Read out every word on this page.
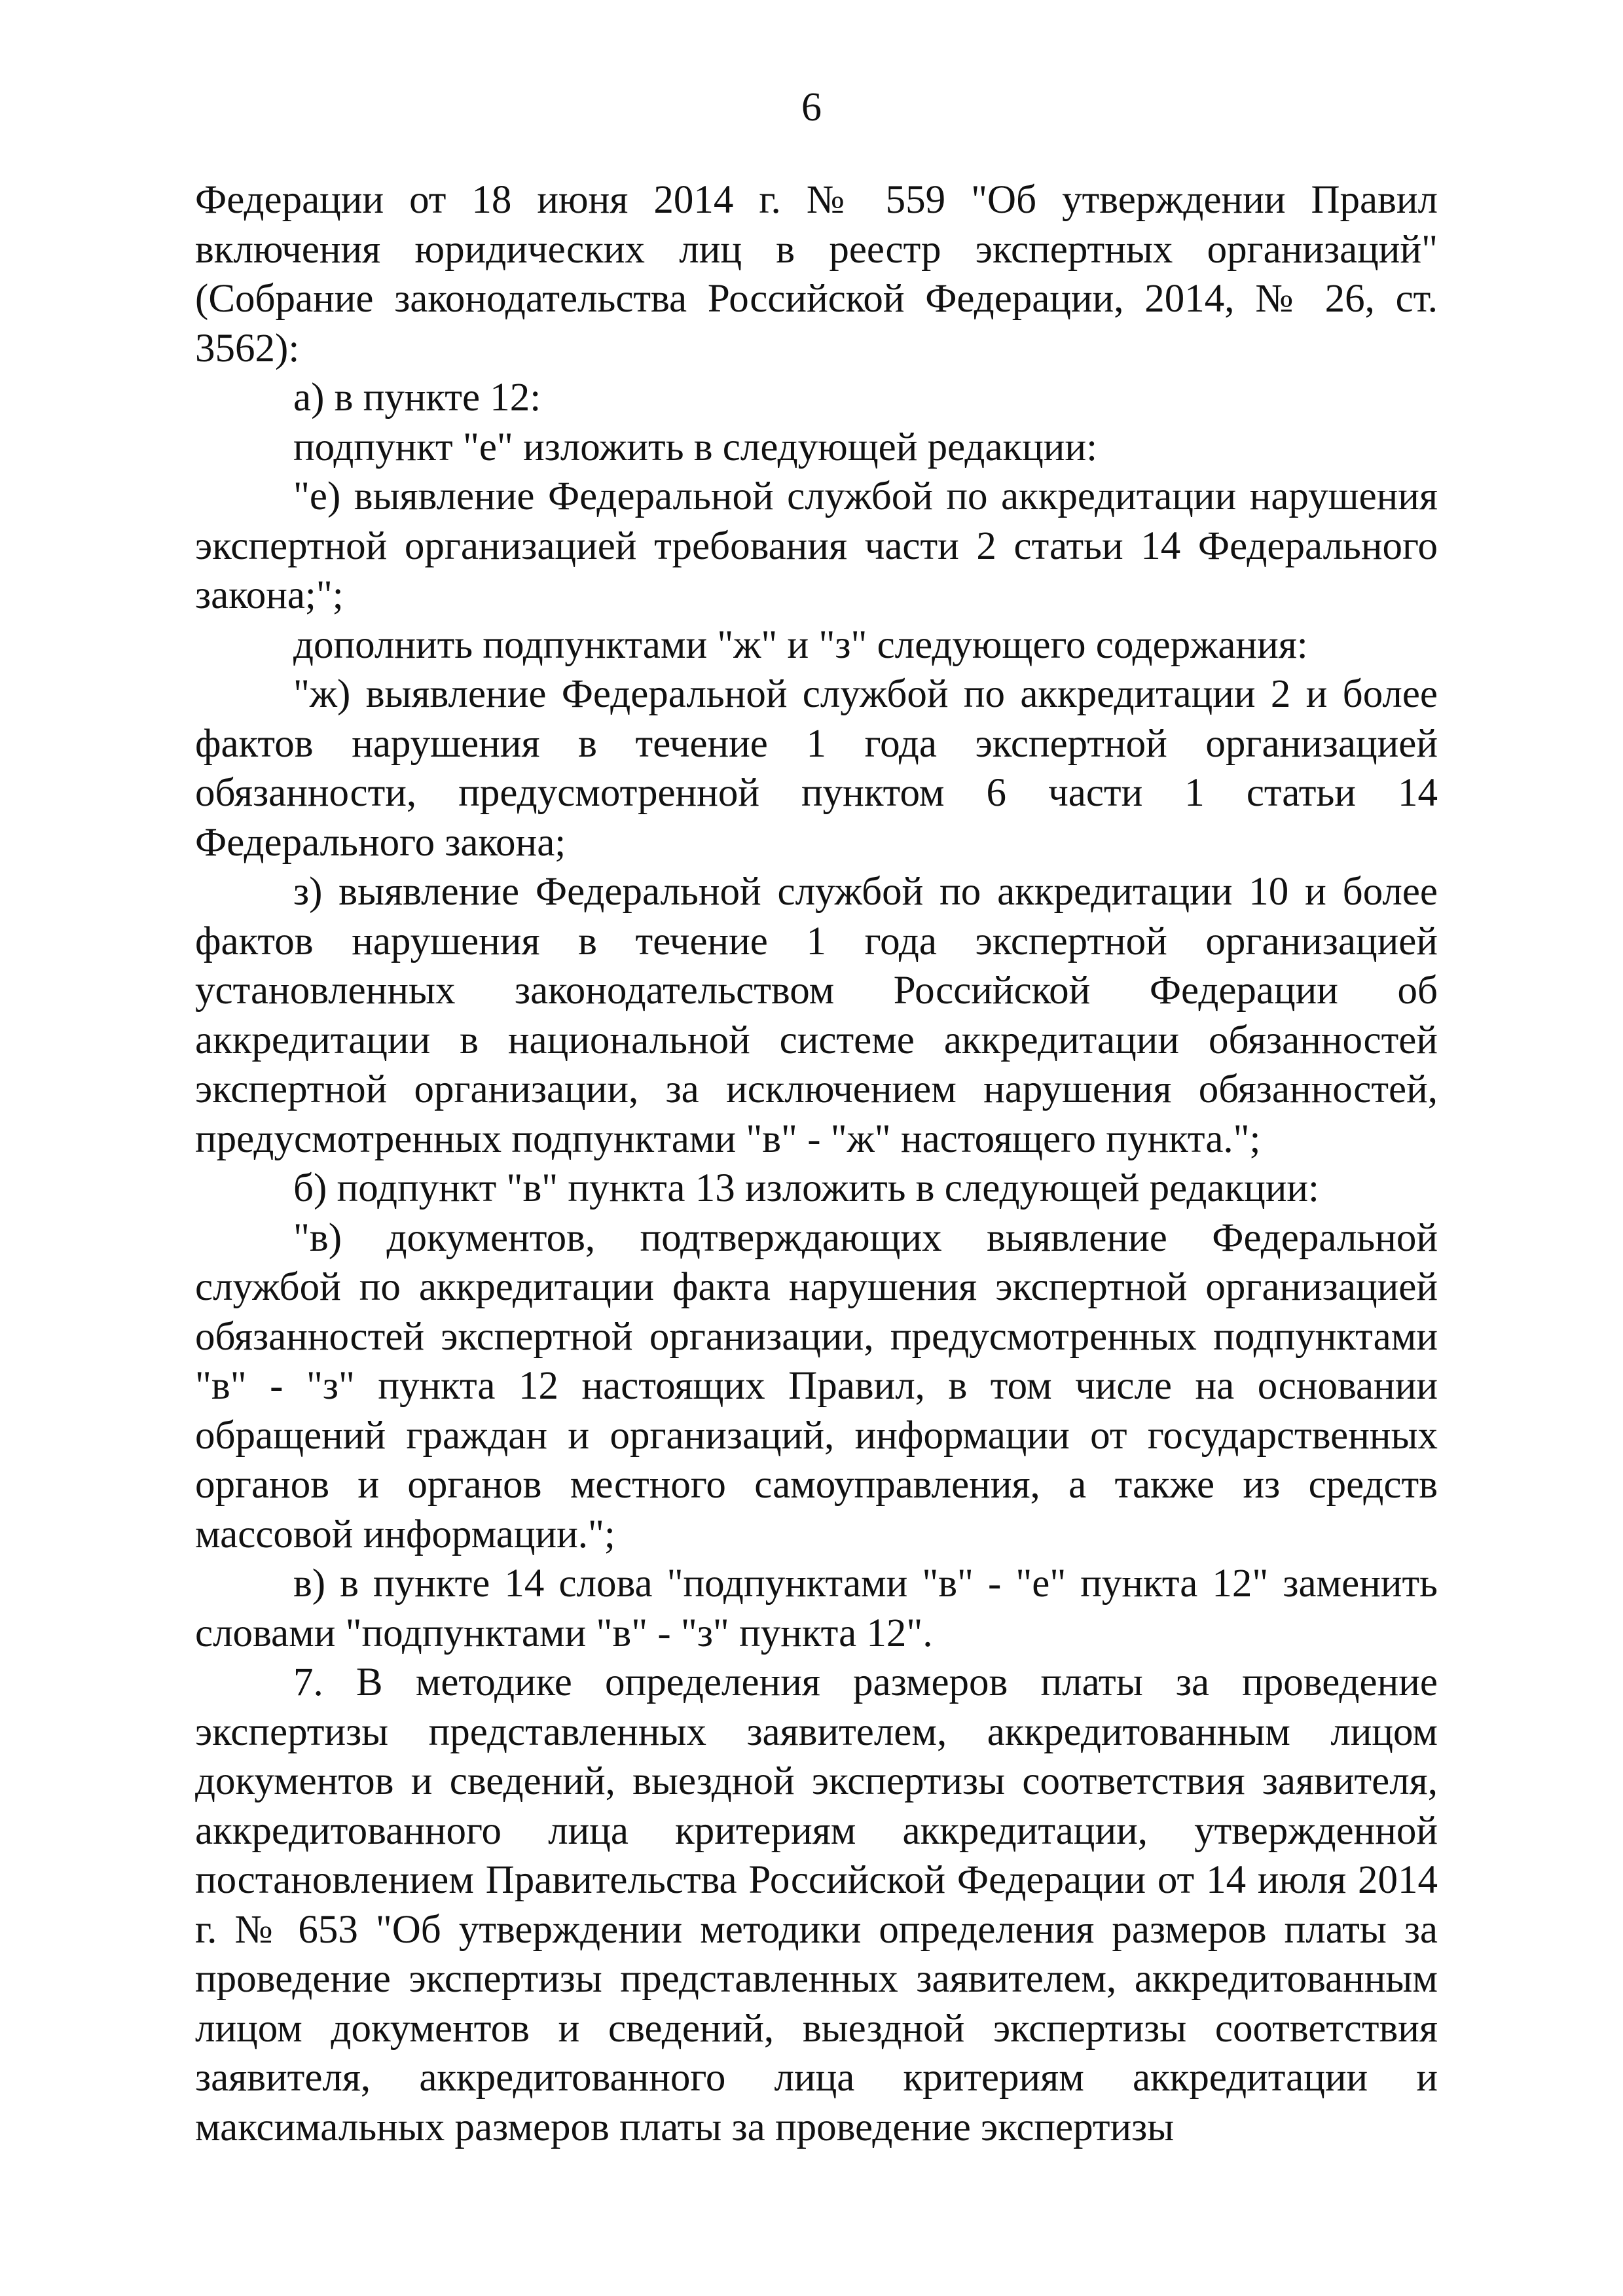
6

Федерации от 18 июня 2014 г. № 559 "Об утверждении Правил включения юридических лиц в реестр экспертных организаций" (Собрание законодательства Российской Федерации, 2014, № 26, ст. 3562):

а) в пункте 12:

подпункт "е" изложить в следующей редакции:

"е) выявление Федеральной службой по аккредитации нарушения экспертной организацией требования части 2 статьи 14 Федерального закона;";

дополнить подпунктами "ж" и "з" следующего содержания:

"ж) выявление Федеральной службой по аккредитации 2 и более фактов нарушения в течение 1 года экспертной организацией обязанности, предусмотренной пунктом 6 части 1 статьи 14 Федерального закона;

з) выявление Федеральной службой по аккредитации 10 и более фактов нарушения в течение 1 года экспертной организацией установленных законодательством Российской Федерации об аккредитации в национальной системе аккредитации обязанностей экспертной организации, за исключением нарушения обязанностей, предусмотренных подпунктами "в" - "ж" настоящего пункта.";

б) подпункт "в" пункта 13 изложить в следующей редакции:

"в) документов, подтверждающих выявление Федеральной службой по аккредитации факта нарушения экспертной организацией обязанностей экспертной организации, предусмотренных подпунктами "в" - "з" пункта 12 настоящих Правил, в том числе на основании обращений граждан и организаций, информации от государственных органов и органов местного самоуправления, а также из средств массовой информации.";

в) в пункте 14 слова "подпунктами "в" - "е" пункта 12" заменить словами "подпунктами "в" - "з" пункта 12".

7. В методике определения размеров платы за проведение экспертизы представленных заявителем, аккредитованным лицом документов и сведений, выездной экспертизы соответствия заявителя, аккредитованного лица критериям аккредитации, утвержденной постановлением Правительства Российской Федерации от 14 июля 2014 г. № 653 "Об утверждении методики определения размеров платы за проведение экспертизы представленных заявителем, аккредитованным лицом документов и сведений, выездной экспертизы соответствия заявителя, аккредитованного лица критериям аккредитации и максимальных размеров платы за проведение экспертизы
